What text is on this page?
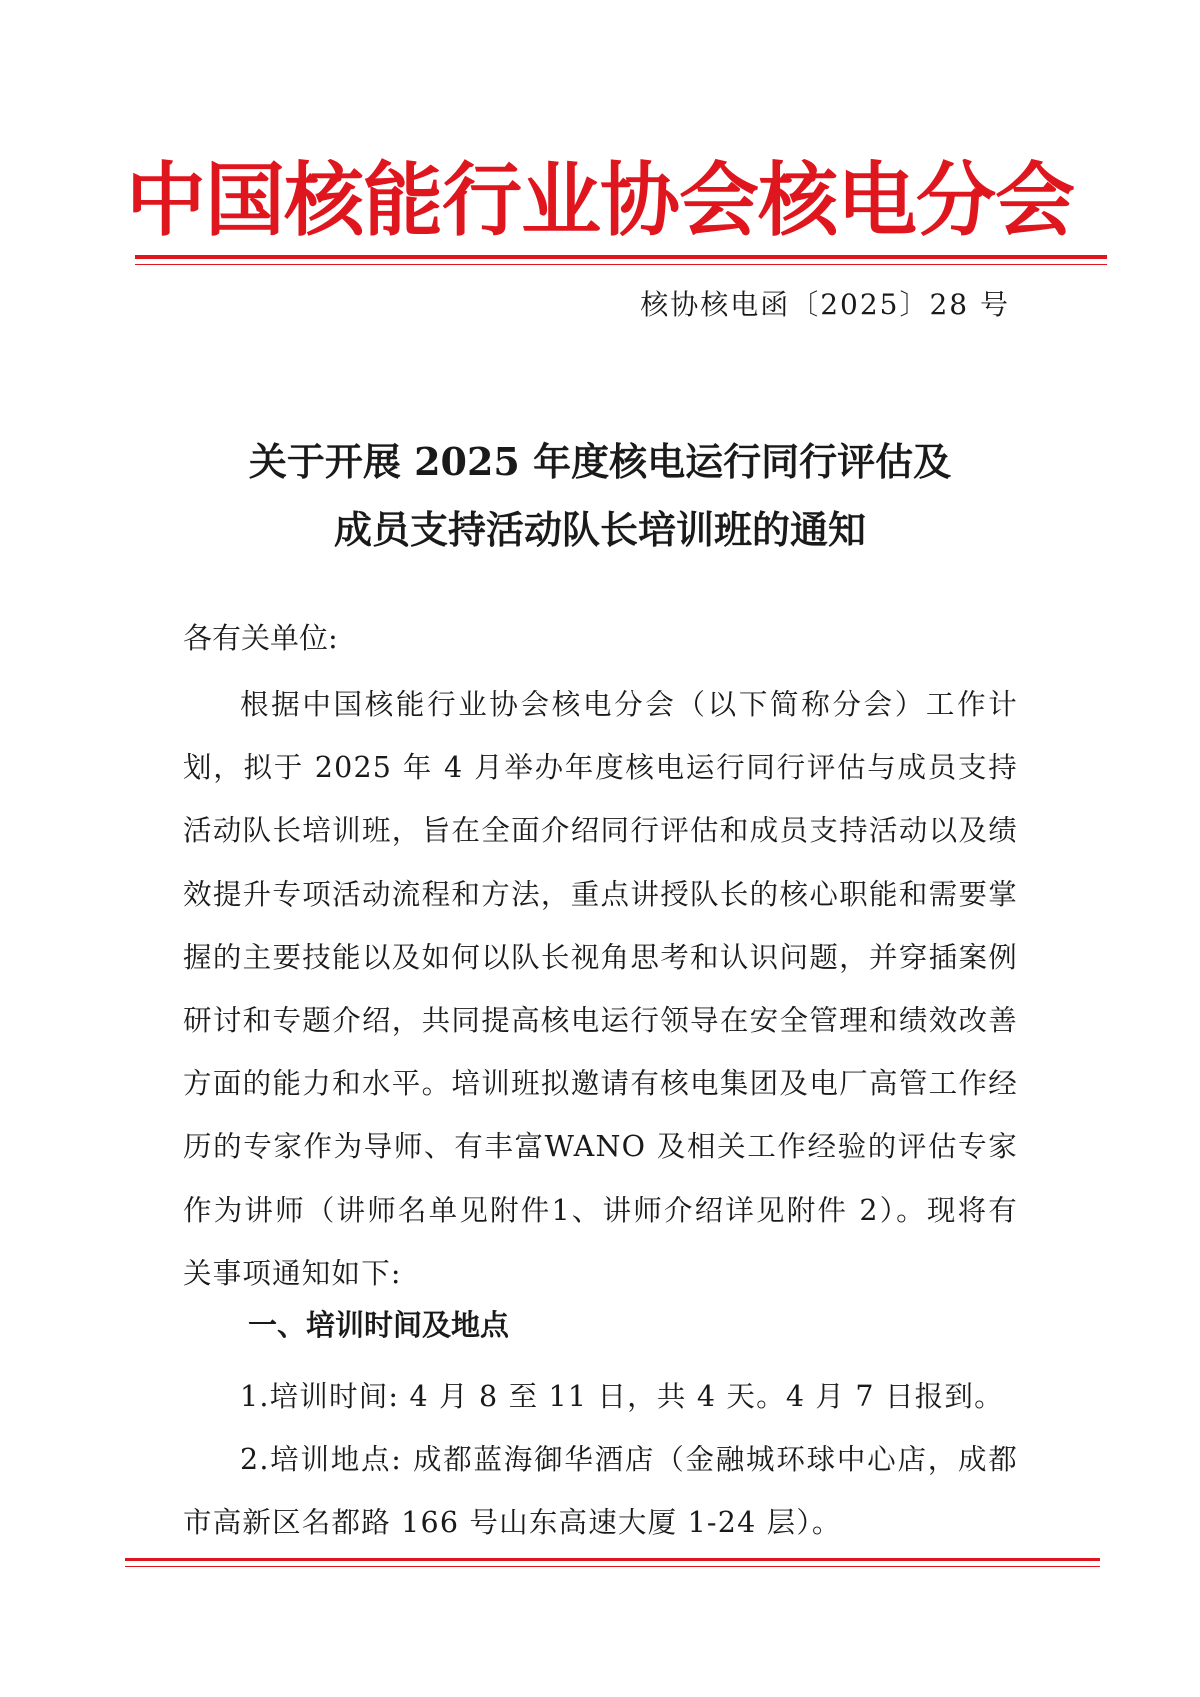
中国核能行业协会核电分会
核协核电函〔2025〕28 号
关于开展 2025 年度核电运行同行评估及
成员支持活动队长培训班的通知
各有关单位:

根据中国核能行业协会核电分会（以下简称分会）工作计划，拟于 2025 年 4 月举办年度核电运行同行评估与成员支持活动队长培训班，旨在全面介绍同行评估和成员支持活动以及绩效提升专项活动流程和方法，重点讲授队长的核心职能和需要掌握的主要技能以及如何以队长视角思考和认识问题，并穿插案例研讨和专题介绍，共同提高核电运行领导在安全管理和绩效改善方面的能力和水平。培训班拟邀请有核电集团及电厂高管工作经历的专家作为导师、有丰富WANO 及相关工作经验的评估专家作为讲师（讲师名单见附件1、讲师介绍详见附件 2）。现将有关事项通知如下:

一、培训时间及地点

1.培训时间: 4 月 8 至 11 日，共 4 天。4 月 7 日报到。

2.培训地点: 成都蓝海御华酒店（金融城环球中心店，成都市高新区名都路 166 号山东高速大厦 1-24 层）。
